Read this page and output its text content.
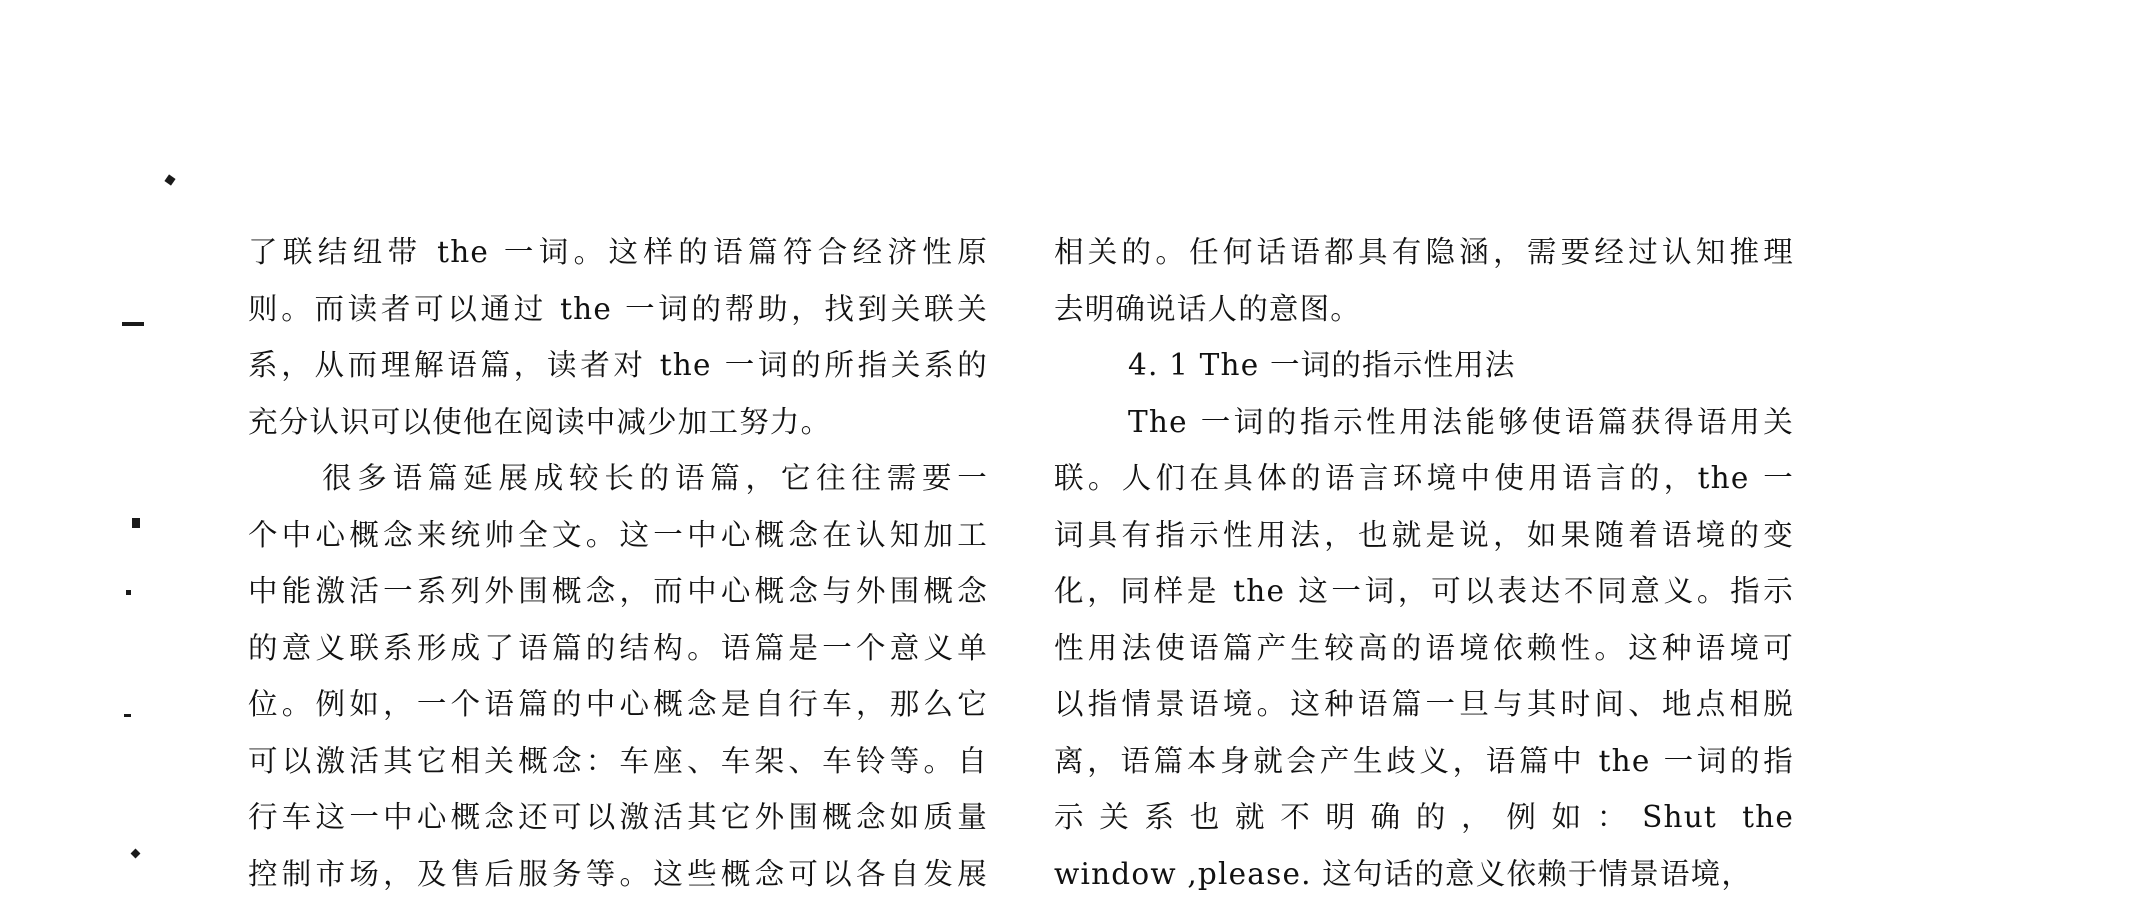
了联结纽带 the 一词。这样的语篇符合经济性原
则。而读者可以通过 the 一词的帮助，找到关联关
系，从而理解语篇，读者对 the 一词的所指关系的
充分认识可以使他在阅读中减少加工努力。
很多语篇延展成较长的语篇，它往往需要一
个中心概念来统帅全文。这一中心概念在认知加工
中能激活一系列外围概念，而中心概念与外围概念
的意义联系形成了语篇的结构。语篇是一个意义单
位。例如，一个语篇的中心概念是自行车，那么它
可以激活其它相关概念：车座、车架、车铃等。自
行车这一中心概念还可以激活其它外围概念如质量
控制市场，及售后服务等。这些概念可以各自发展
相关的。任何话语都具有隐涵，需要经过认知推理
去明确说话人的意图。
4. 1 The 一词的指示性用法
The 一词的指示性用法能够使语篇获得语用关
联。人们在具体的语言环境中使用语言的，the 一
词具有指示性用法，也就是说，如果随着语境的变
化，同样是 the 这一词，可以表达不同意义。指示
性用法使语篇产生较高的语境依赖性。这种语境可
以指情景语境。这种语篇一旦与其时间、地点相脱
离，语篇本身就会产生歧义，语篇中 the 一词的指
示关系也就不明确的，例如：Shut the
window ,please. 这句话的意义依赖于情景语境，
